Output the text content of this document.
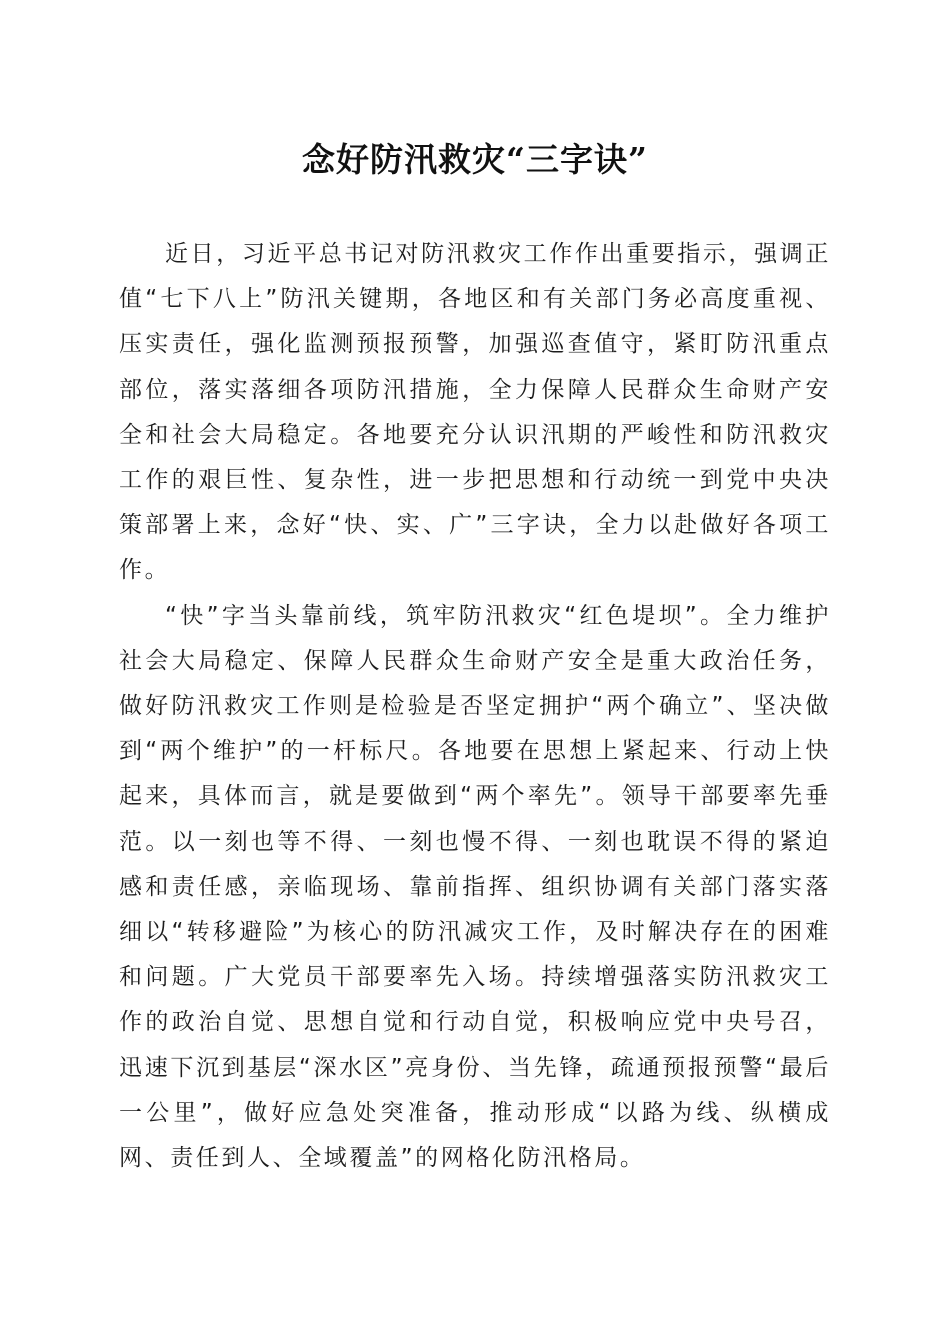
念好防汛救灾“三字诀”

近日，习近平总书记对防汛救灾工作作出重要指示，强调正值“七下八上”防汛关键期，各地区和有关部门务必高度重视、压实责任，强化监测预报预警，加强巡查值守，紧盯防汛重点部位，落实落细各项防汛措施，全力保障人民群众生命财产安全和社会大局稳定。各地要充分认识汛期的严峻性和防汛救灾工作的艰巨性、复杂性，进一步把思想和行动统一到党中央决策部署上来，念好“快、实、广”三字诀，全力以赴做好各项工作。

“快”字当头靠前线，筑牢防汛救灾“红色堤坝”。全力维护社会大局稳定、保障人民群众生命财产安全是重大政治任务，做好防汛救灾工作则是检验是否坚定拥护“两个确立”、坚决做到“两个维护”的一杆标尺。各地要在思想上紧起来、行动上快起来，具体而言，就是要做到“两个率先”。领导干部要率先垂范。以一刻也等不得、一刻也慢不得、一刻也耽误不得的紧迫感和责任感，亲临现场、靠前指挥、组织协调有关部门落实落细以“转移避险”为核心的防汛减灾工作，及时解决存在的困难和问题。广大党员干部要率先入场。持续增强落实防汛救灾工作的政治自觉、思想自觉和行动自觉，积极响应党中央号召，迅速下沉到基层“深水区”亮身份、当先锋，疏通预报预警“最后一公里”，做好应急处突准备，推动形成“以路为线、纵横成网、责任到人、全域覆盖”的网格化防汛格局。
